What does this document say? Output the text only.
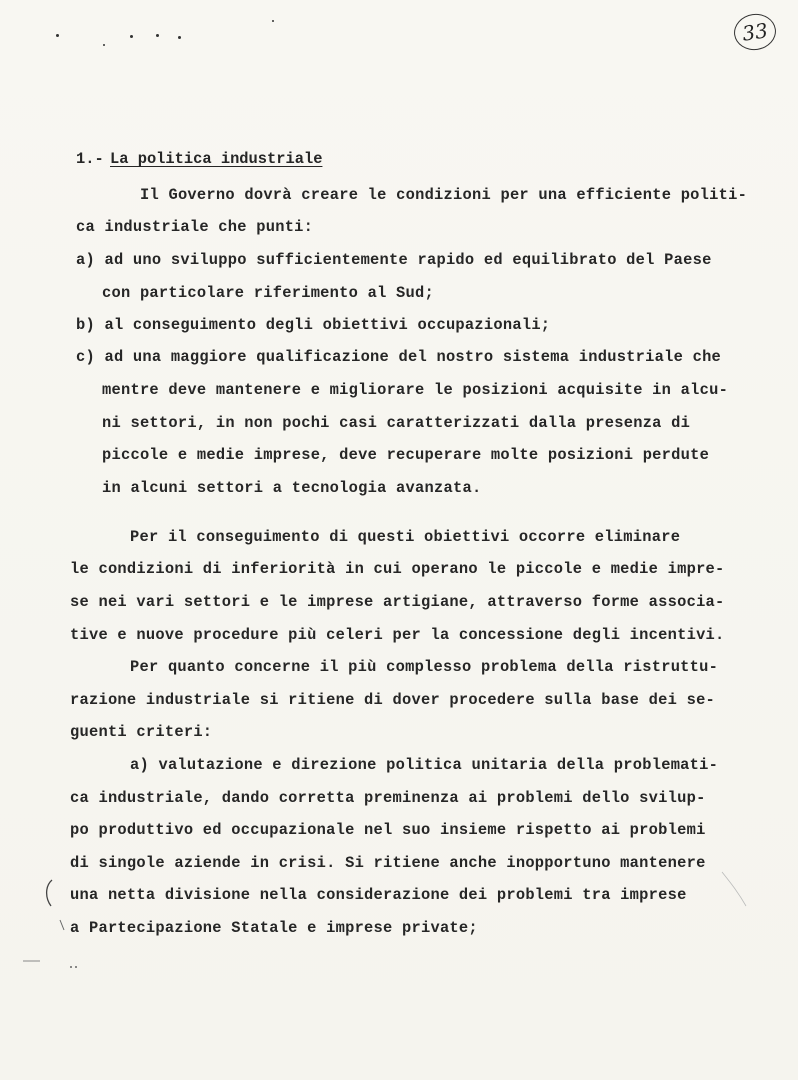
33
1.- La politica industriale
Il Governo dovrà creare le condizioni per una efficiente politi-
ca industriale che punti:
a) ad uno sviluppo sufficientemente rapido ed equilibrato del Paese
con particolare riferimento al Sud;
b) al conseguimento degli obiettivi occupazionali;
c) ad una maggiore qualificazione del nostro sistema industriale che
mentre deve mantenere e migliorare le posizioni acquisite in alcu-
ni settori, in non pochi casi caratterizzati dalla presenza di
piccole e medie imprese, deve recuperare molte posizioni perdute
in alcuni settori a tecnologia avanzata.
Per il conseguimento di questi obiettivi occorre eliminare
le condizioni di inferiorità in cui operano le piccole e medie impre-
se nei vari settori e le imprese artigiane, attraverso forme associa-
tive e nuove procedure più celeri per la concessione degli incentivi.
Per quanto concerne il più complesso problema della ristruttu-
razione industriale si ritiene di dover procedere sulla base dei se-
guenti criteri:
a) valutazione e direzione politica unitaria della problemati-
ca industriale, dando corretta preminenza ai problemi dello svilup-
po produttivo ed occupazionale nel suo insieme rispetto ai problemi
di singole aziende in crisi. Si ritiene anche inopportuno mantenere
una netta divisione nella considerazione dei problemi tra imprese
a Partecipazione Statale e imprese private;
